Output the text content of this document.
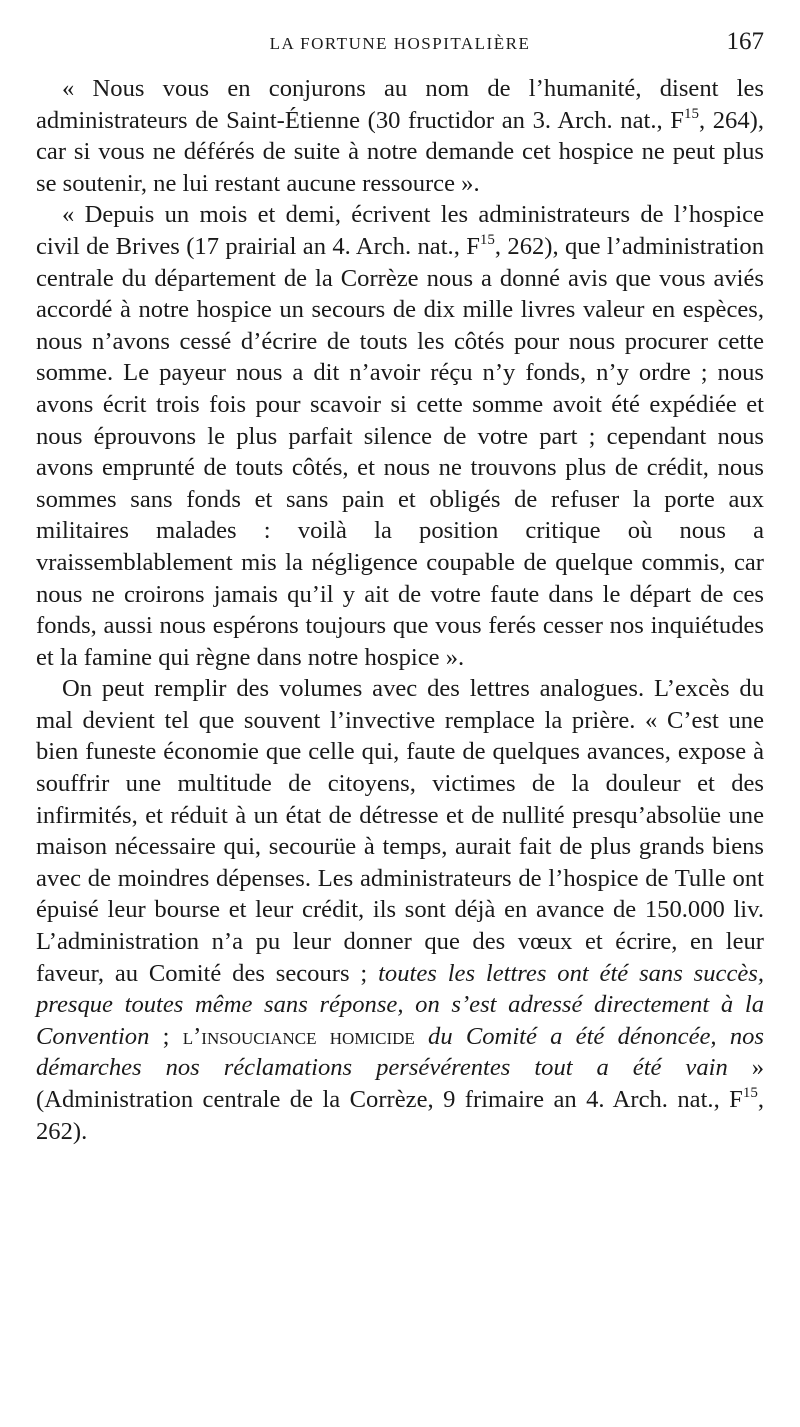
LA FORTUNE HOSPITALIÈRE	167

« Nous vous en conjurons au nom de l’humanité, disent les administrateurs de Saint-Étienne (30 fructidor an 3. Arch. nat., $F^{15}$, 264), car si vous ne déférés de suite à notre demande cet hospice ne peut plus se soutenir, ne lui restant aucune ressource ».

« Depuis un mois et demi, écrivent les administrateurs de l’hospice civil de Brives (17 prairial an 4. Arch. nat., $F^{15}$, 262), que l’administration centrale du département de la Corrèze nous a donné avis que vous aviés accordé à notre hospice un secours de dix mille livres valeur en espèces, nous n’avons cessé d’écrire de touts les côtés pour nous procurer cette somme. Le payeur nous a dit n’avoir réçu n’y fonds, n’y ordre ; nous avons écrit trois fois pour scavoir si cette somme avoit été expédiée et nous éprouvons le plus parfait silence de votre part ; cependant nous avons emprunté de touts côtés, et nous ne trouvons plus de crédit, nous sommes sans fonds et sans pain et obligés de refuser la porte aux militaires malades : voilà la position critique où nous a vraissemblablement mis la négligence coupable de quelque commis, car nous ne croirons jamais qu’il y ait de votre faute dans le départ de ces fonds, aussi nous espérons toujours que vous ferés cesser nos inquiétudes et la famine qui règne dans notre hospice ».

On peut remplir des volumes avec des lettres analogues. L’excès du mal devient tel que souvent l’invective remplace la prière. « C’est une bien funeste économie que celle qui, faute de quelques avances, expose à souffrir une multitude de citoyens, victimes de la douleur et des infirmités, et réduit à un état de détresse et de nullité presqu’absolüe une maison nécessaire qui, secourüe à temps, aurait fait de plus grands biens avec de moindres dépenses. Les administrateurs de l’hospice de Tulle ont épuisé leur bourse et leur crédit, ils sont déjà en avance de 150.000 liv. L’administration n’a pu leur donner que des vœux et écrire, en leur faveur, au Comité des secours ; toutes les lettres ont été sans succès, presque toutes même sans réponse, on s’est adressé directement à la Convention ; l’insouciance homicide du Comité a été dénoncée, nos démarches nos réclamations persévérentes tout a été vain » (Administration centrale de la Corrèze, 9 frimaire an 4. Arch. nat., $F^{15}$, 262).
